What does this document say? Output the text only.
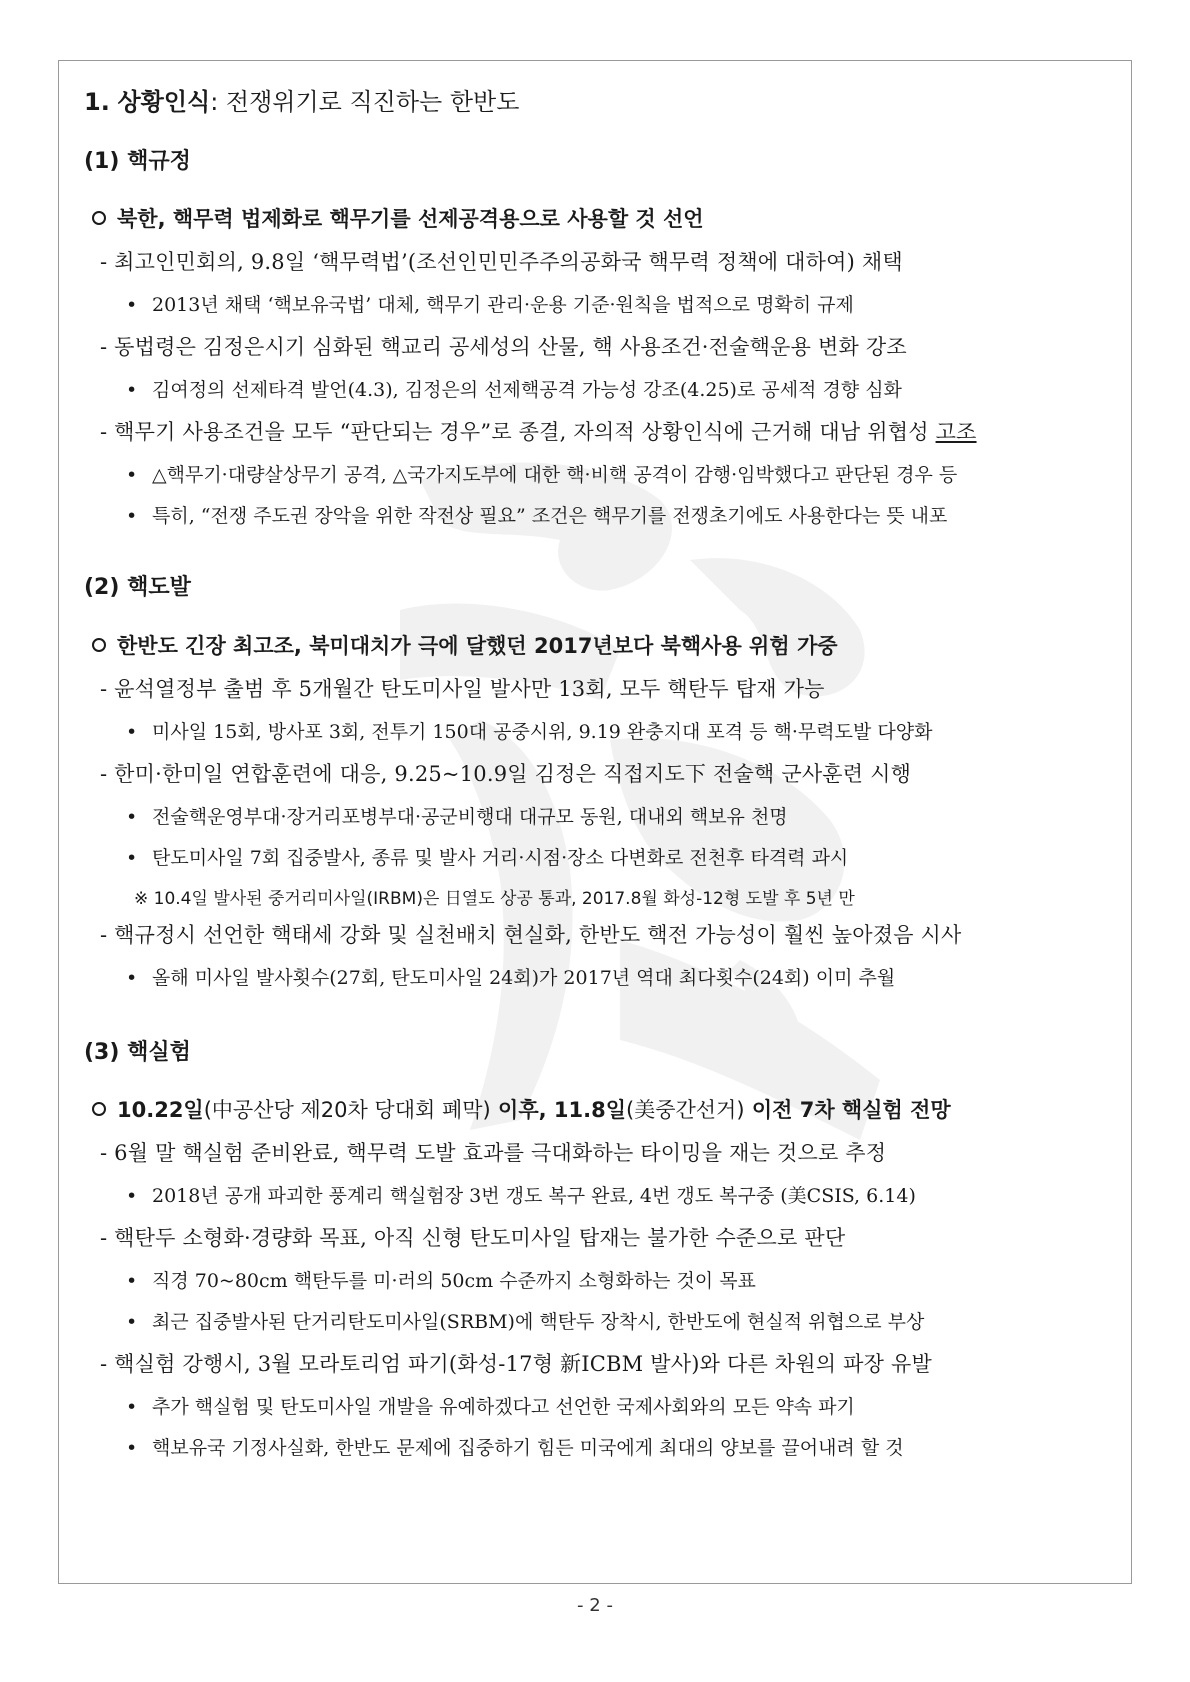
1. 상황인식: 전쟁위기로 직진하는 한반도
(1) 핵규정
북한, 핵무력 법제화로 핵무기를 선제공격용으로 사용할 것 선언
- 최고인민회의, 9.8일 ‘핵무력법’(조선인민민주주의공화국 핵무력 정책에 대하여) 채택
• 2013년 채택 ‘핵보유국법’ 대체, 핵무기 관리·운용 기준·원칙을 법적으로 명확히 규제
- 동법령은 김정은시기 심화된 핵교리 공세성의 산물, 핵 사용조건·전술핵운용 변화 강조
• 김여정의 선제타격 발언(4.3), 김정은의 선제핵공격 가능성 강조(4.25)로 공세적 경향 심화
- 핵무기 사용조건을 모두 “판단되는 경우”로 종결, 자의적 상황인식에 근거해 대남 위협성 고조
• △핵무기·대량살상무기 공격, △국가지도부에 대한 핵·비핵 공격이 감행·임박했다고 판단된 경우 등
• 특히, “전쟁 주도권 장악을 위한 작전상 필요” 조건은 핵무기를 전쟁초기에도 사용한다는 뜻 내포
(2) 핵도발
한반도 긴장 최고조, 북미대치가 극에 달했던 2017년보다 북핵사용 위험 가중
- 윤석열정부 출범 후 5개월간 탄도미사일 발사만 13회, 모두 핵탄두 탑재 가능
• 미사일 15회, 방사포 3회, 전투기 150대 공중시위, 9.19 완충지대 포격 등 핵·무력도발 다양화
- 한미·한미일 연합훈련에 대응, 9.25~10.9일 김정은 직접지도下 전술핵 군사훈련 시행
• 전술핵운영부대·장거리포병부대·공군비행대 대규모 동원, 대내외 핵보유 천명
• 탄도미사일 7회 집중발사, 종류 및 발사 거리·시점·장소 다변화로 전천후 타격력 과시
※ 10.4일 발사된 중거리미사일(IRBM)은 日열도 상공 통과, 2017.8월 화성-12형 도발 후 5년 만
- 핵규정시 선언한 핵태세 강화 및 실천배치 현실화, 한반도 핵전 가능성이 훨씬 높아졌음 시사
• 올해 미사일 발사횟수(27회, 탄도미사일 24회)가 2017년 역대 최다횟수(24회) 이미 추월
(3) 핵실험
10.22일 (中공산당 제20차 당대회 폐막) 이후, 11.8일 (美중간선거) 이전 7차 핵실험 전망
- 6월 말 핵실험 준비완료, 핵무력 도발 효과를 극대화하는 타이밍을 재는 것으로 추정
• 2018년 공개 파괴한 풍계리 핵실험장 3번 갱도 복구 완료, 4번 갱도 복구중 (美CSIS, 6.14)
- 핵탄두 소형화·경량화 목표, 아직 신형 탄도미사일 탑재는 불가한 수준으로 판단
• 직경 70~80cm 핵탄두를 미·러의 50cm 수준까지 소형화하는 것이 목표
• 최근 집중발사된 단거리탄도미사일(SRBM)에 핵탄두 장착시, 한반도에 현실적 위협으로 부상
- 핵실험 강행시, 3월 모라토리엄 파기(화성-17형 新ICBM 발사)와 다른 차원의 파장 유발
• 추가 핵실험 및 탄도미사일 개발을 유예하겠다고 선언한 국제사회와의 모든 약속 파기
• 핵보유국 기정사실화, 한반도 문제에 집중하기 힘든 미국에게 최대의 양보를 끌어내려 할 것
- 2 -
